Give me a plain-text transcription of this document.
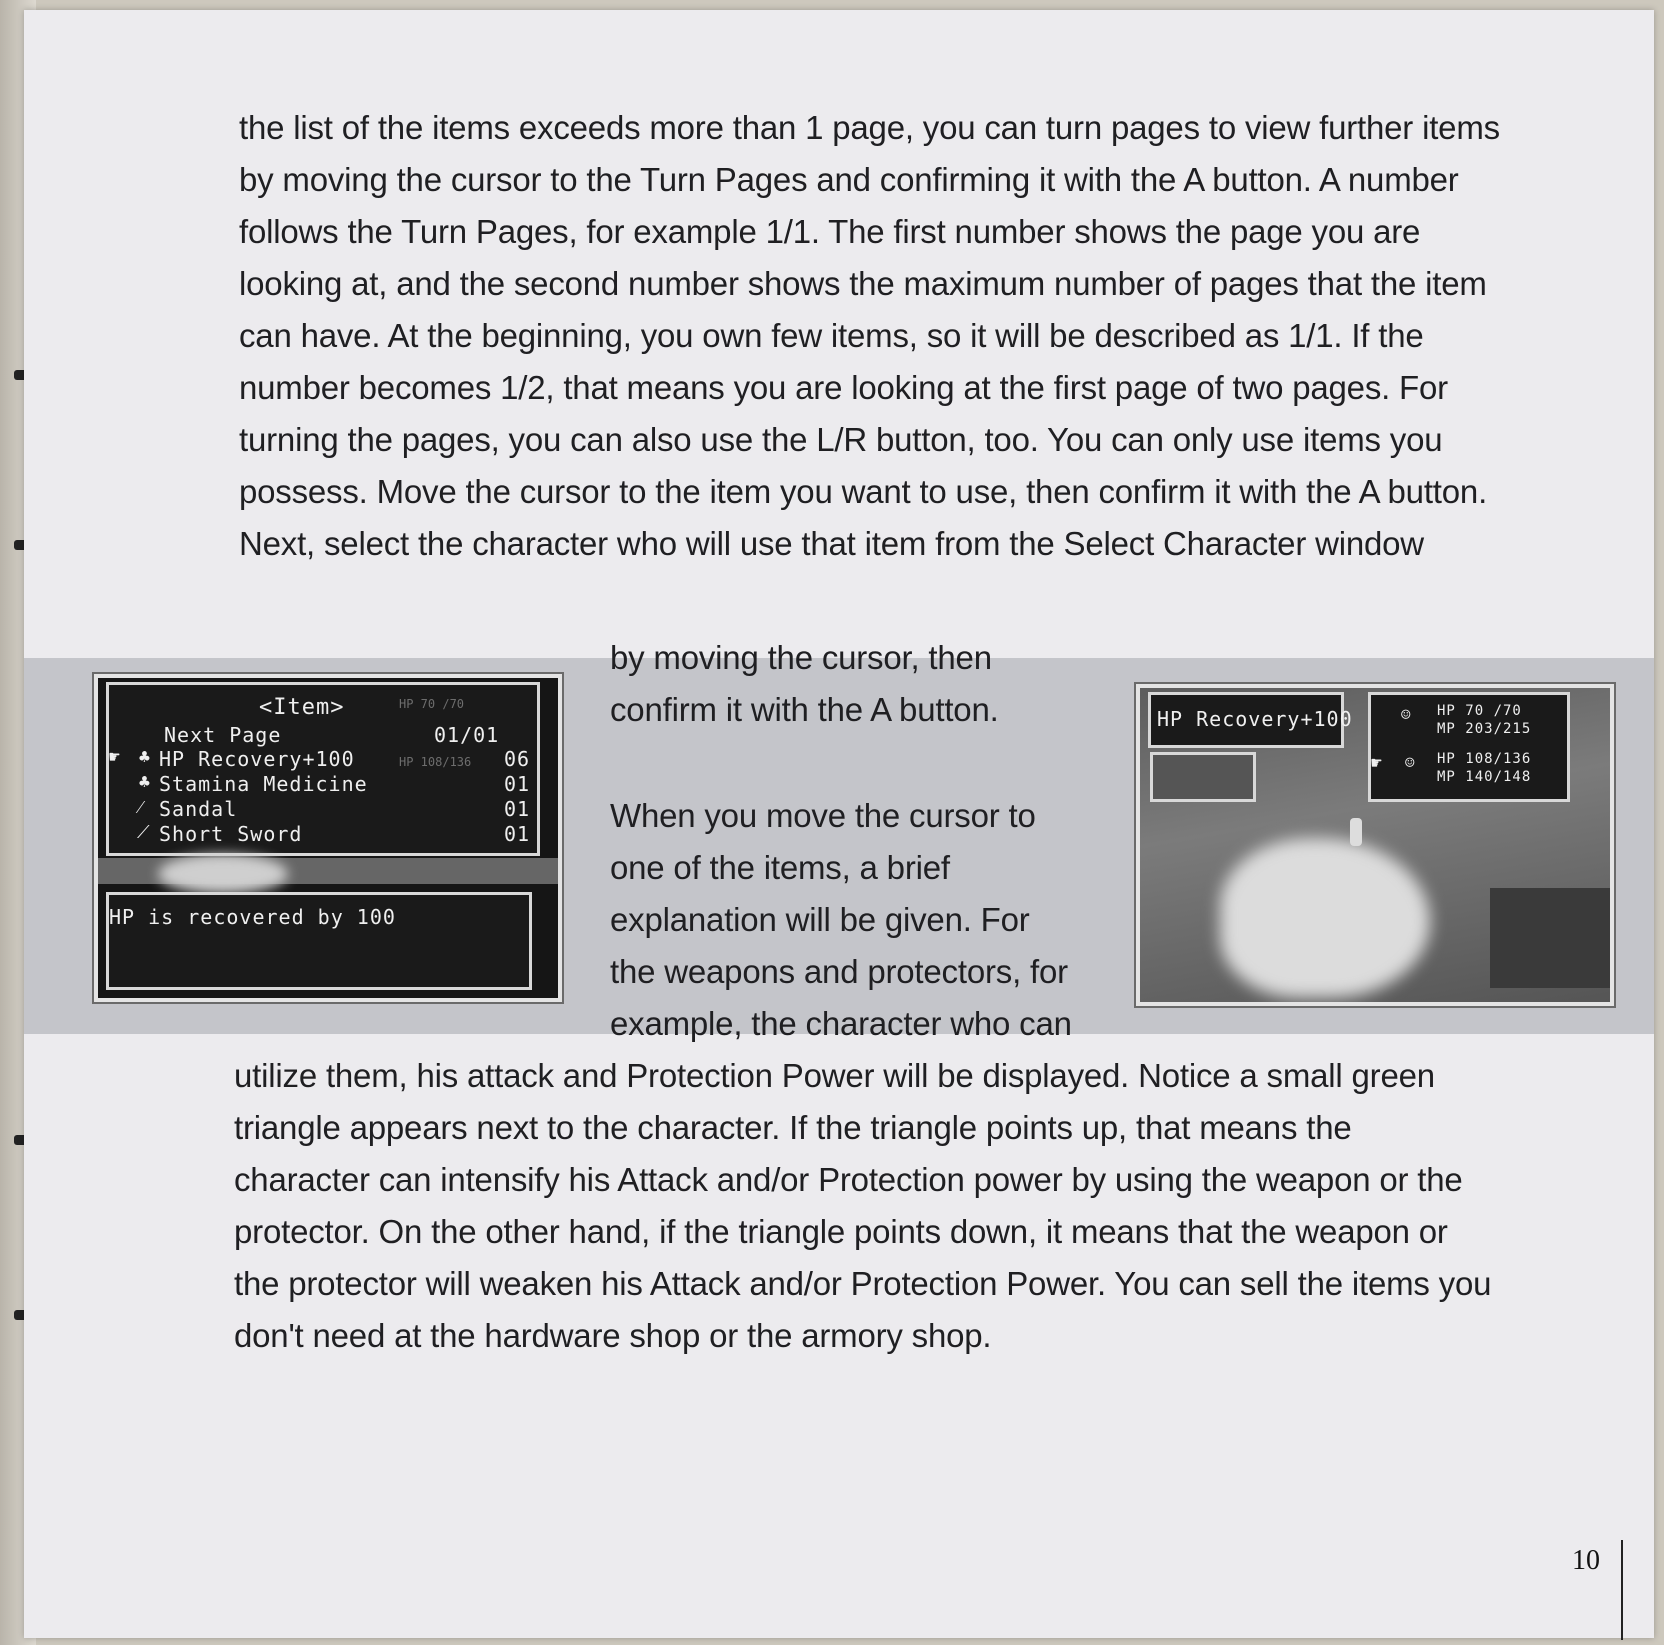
the list of the items exceeds more than 1 page, you can turn pages to view further items by moving the cursor to the Turn Pages and confirming it with the A button. A number follows the Turn Pages, for example 1/1. The first number shows the page you are looking at, and the second number shows the maximum number of pages that the item can have. At the beginning, you own few items, so it will be described as 1/1. If the number becomes 1/2, that means you are looking at the first page of two pages. For turning the pages, you can also use the L/R button, too. You can only use items you possess. Move the cursor to the item you want to use, then confirm it with the A button. Next, select the character who will use that item from the Select Character window

by moving the cursor, then confirm it with the A button.

When you move the cursor to one of the items, a brief explanation will be given. For the weapons and protectors, for example, the character who can

utilize them, his attack and Protection Power will be displayed. Notice a small green triangle appears next to the character. If the triangle points up, that means the character can intensify his Attack and/or Protection power by using the weapon or the protector. On the other hand, if the triangle points down, it means that the weapon or the protector will weaken his Attack and/or Protection Power. You can sell the items you don't need at the hardware shop or the armory shop.

HP 70 /70
HP 108/136
<Item>
Next Page	01/01
☛ ♣ HP Recovery+100	06
♣ Stamina Medicine	01
⁄ Sandal	01
⟋ Short Sword	01
HP is recovered by 100
HP Recovery+100	☺ HP 70 /70
MP 203/215
☛ ☺ HP 108/136
MP 140/148
10
